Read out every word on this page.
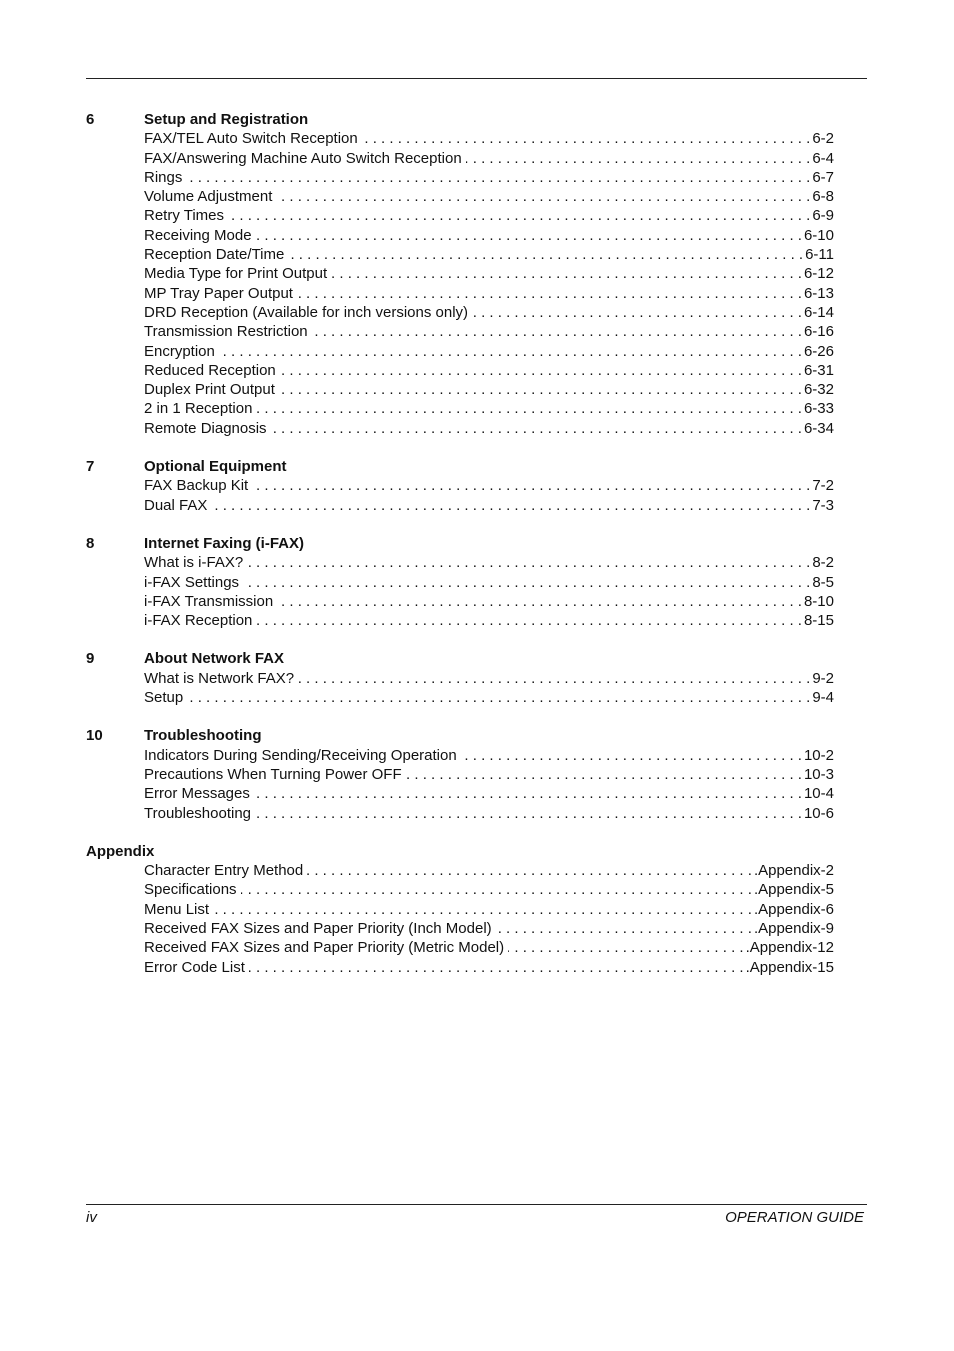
6	Setup and Registration
FAX/TEL Auto Switch Reception . . .	6-2
FAX/Answering Machine Auto Switch Reception . . .	6-4
Rings . . .	6-7
Volume Adjustment . . .	6-8
Retry Times . . .	6-9
Receiving Mode . . .	6-10
Reception Date/Time . . .	6-11
Media Type for Print Output . . .	6-12
MP Tray Paper Output . . .	6-13
DRD Reception (Available for inch versions only) . . .	6-14
Transmission Restriction . . .	6-16
Encryption . . .	6-26
Reduced Reception . . .	6-31
Duplex Print Output . . .	6-32
2 in 1 Reception . . .	6-33
Remote Diagnosis . . .	6-34
7	Optional Equipment
FAX Backup Kit . . .	7-2
Dual FAX . . .	7-3
8	Internet Faxing (i-FAX)
What is i-FAX? . . .	8-2
i-FAX Settings . . .	8-5
i-FAX Transmission . . .	8-10
i-FAX Reception . . .	8-15
9	About Network FAX
What is Network FAX? . . .	9-2
Setup . . .	9-4
10	Troubleshooting
Indicators During Sending/Receiving Operation . . .	10-2
Precautions When Turning Power OFF . . .	10-3
Error Messages . . .	10-4
Troubleshooting . . .	10-6
Appendix
Character Entry Method . . .	.Appendix-2
Specifications . . .	.Appendix-5
Menu List . . .	.Appendix-6
Received FAX Sizes and Paper Priority (Inch Model) . . .	.Appendix-9
Received FAX Sizes and Paper Priority (Metric Model) . . .	.Appendix-12
Error Code List . . .	.Appendix-15
iv	OPERATION GUIDE
